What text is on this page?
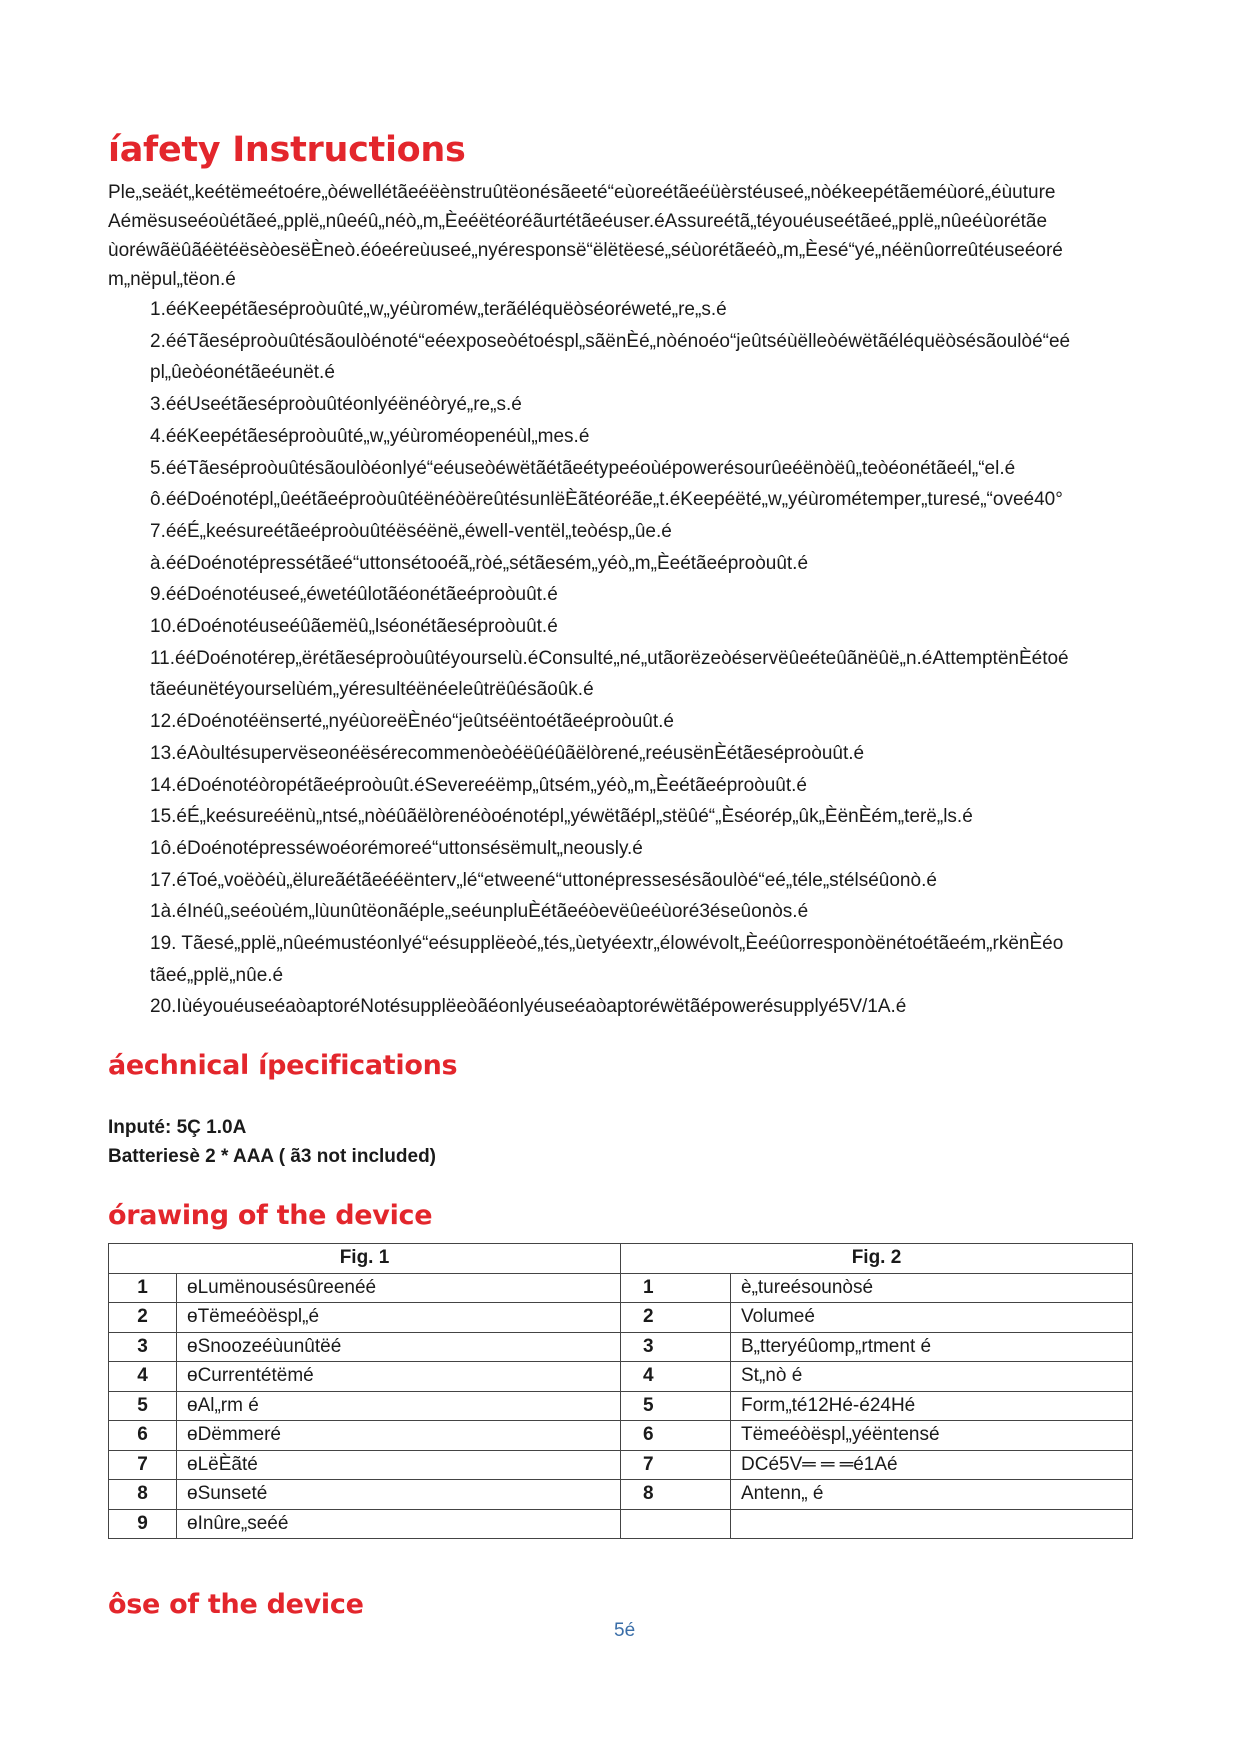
íafety Instructions
Ple„seäét„keétëmeétoére„òéwellétãeéëènstruûtëonésãeeté“eùoreétãeéüèrstéuseé„nòékeepétãeméùoré„éùuture
Aémësuseéoùétãeé„pplë„nûeéû„néò„m„Èeéëtéoréãurtétãeéuser.éAssureétã„téyouéuseétãeé„pplë„nûeéùorétãe
ùoréwãëûãéëtéësèòesëÈneò.éóeéreùuseé„nyéresponsë“ëlëtëesé„séùorétãeéò„m„Èesé“yé„néënûorreûtéuseéoré
m„nëpul„tëon.é
1.ééKeepétãeséproòuûté„w„yéùroméw„terãéléquëòséoréweté„re„s.é
2.ééTãeséproòuûtésãoulòénoté“eéexposeòétoéspl„sãënÈé„nòénoéo“jeûtséùëlleòéwëtãéléquëòsésãoulòé“eé
pl„ûeòéonétãeéunët.é
3.ééUseétãeséproòuûtéonlyéënéòryé„re„s.é
4.ééKeepétãeséproòuûté„w„yéùroméopenéùl„mes.é
5.ééTãeséproòuûtésãoulòéonlyé“eéuseòéwëtãétãeétypeéoùépowerésourûeéënòëû„teòéonétãeél„“el.é
ô.ééDoénotépl„ûeétãeéproòuûtéënéòëreûtésunlëÈãtéoréãe„t.éKeepéëté„w„yéùrométemper„turesé„“oveé40°
7.ééÉ„keésureétãeéproòuûtéëséënë„éwell-ventël„teòésp„ûe.é
à.ééDoénotépressétãeé“uttonsétooéã„ròé„sétãesém„yéò„m„Èeétãeéproòuût.é
9.ééDoénotéuseé„éwetéûlotãéonétãeéproòuût.é
10.éDoénotéuseéûãemëû„lséonétãeséproòuût.é
11.ééDoénotérep„ërétãeséproòuûtéyourselù.éConsulté„né„utãorëzeòéservëûeéteûãnëûë„n.éAttemptënÈétoé
tãeéunëtéyourselùém„yéresultéënéeleûtrëûésãoûk.é
12.éDoénotéënserté„nyéùoreëÈnéo“jeûtséëntoétãeéproòuût.é
13.éAòultésupervëseonéësérecommenòeòéëûéûãëlòrené„reéusënÈétãeséproòuût.é
14.éDoénotéòropétãeéproòuût.éSevereéëmp„ûtsém„yéò„m„Èeétãeéproòuût.é
15.éÉ„keésureéënù„ntsé„nòéûãëlòrenéòoénotépl„yéwëtãépl„stëûé“„Èséorép„ûk„ÈënÈém„terë„ls.é
1ô.éDoénotépresséwoéorémoreé“uttonsésëmult„neously.é
17.éToé„voëòéù„ëlureãétãeééënterv„lé“etweené“uttonépressesésãoulòé“eé„téle„stélséûonò.é
1à.éInéû„seéoùém„lùunûtëonãéple„seéunpluÈétãeéòevëûeéùoré3éseûonòs.é
19. Tãesé„pplë„nûeémustéonlyé“eésupplëeòé„tés„ùetyéextr„élowévolt„Èeéûorresponòënétoétãeém„rkënÈéo
tãeé„pplë„nûe.é
20.IùéyouéuseéaòaptoréNotésupplëeòãéonlyéuseéaòaptoréwëtãépowerésupplyé5V/1A.é
áechnical ípecifications
Inputé: 5Ç 1.0A
Batteriesè 2 * AAA ( ã3 not included)
órawing of the device
Fig. 1		Fig. 2	
1	ɵLumënousésûreenéé	1	è„tureésounòsé
2	ɵTëmeéòëspl„é	2	Volumeé
3	ɵSnoozeéùunûtëé	3	B„tteryéûomp„rtment é
4	ɵCurrentétëmé	4	St„nò é
5	ɵAl„rm é	5	Form„té12Hé-é24Hé
6	ɵDëmmeré	6	Tëmeéòëspl„yéëntensé
7	ɵLëÈãté	7	DCé5V═ ═ ═é1Aé
8	ɵSunseté	8	Antenn„ é
9	ɵInûre„seéé		
ôse of the device
5é
